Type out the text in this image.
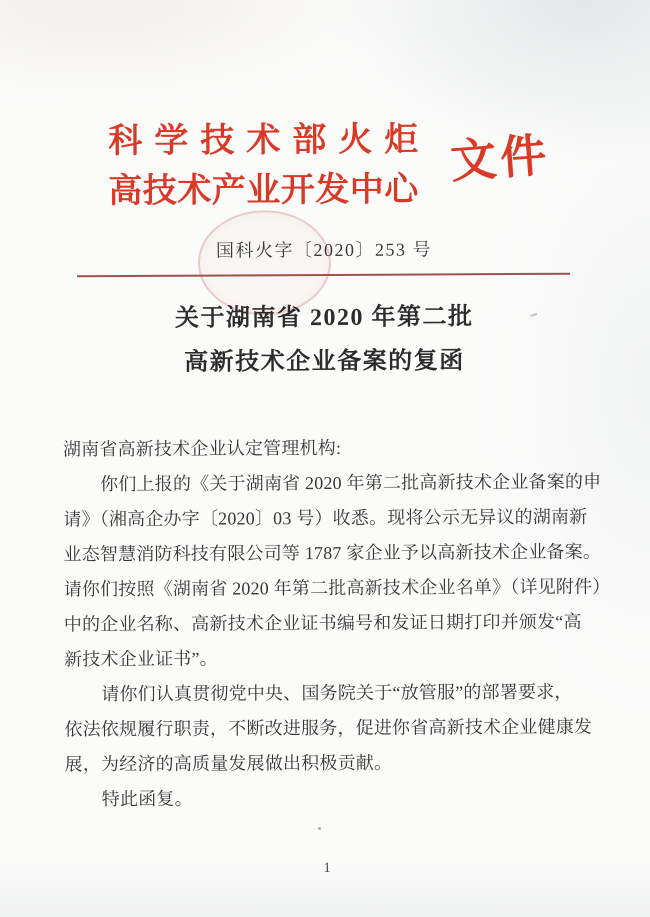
科学技术部火炬
高技术产业开发中心
文件
国科火字〔2020〕253 号
关于湖南省 2020 年第二批
高新技术企业备案的复函
湖南省高新技术企业认定管理机构:
你们上报的《关于湖南省 2020 年第二批高新技术企业备案的申
请》（湘高企办字〔2020〕03 号）收悉。现将公示无异议的湖南新
业态智慧消防科技有限公司等 1787 家企业予以高新技术企业备案。
请你们按照《湖南省 2020 年第二批高新技术企业名单》（详见附件）
中的企业名称、高新技术企业证书编号和发证日期打印并颁发“高
新技术企业证书”。
请你们认真贯彻党中央、国务院关于“放管服”的部署要求，
依法依规履行职责，不断改进服务，促进你省高新技术企业健康发
展，为经济的高质量发展做出积极贡献。
特此函复。
1
